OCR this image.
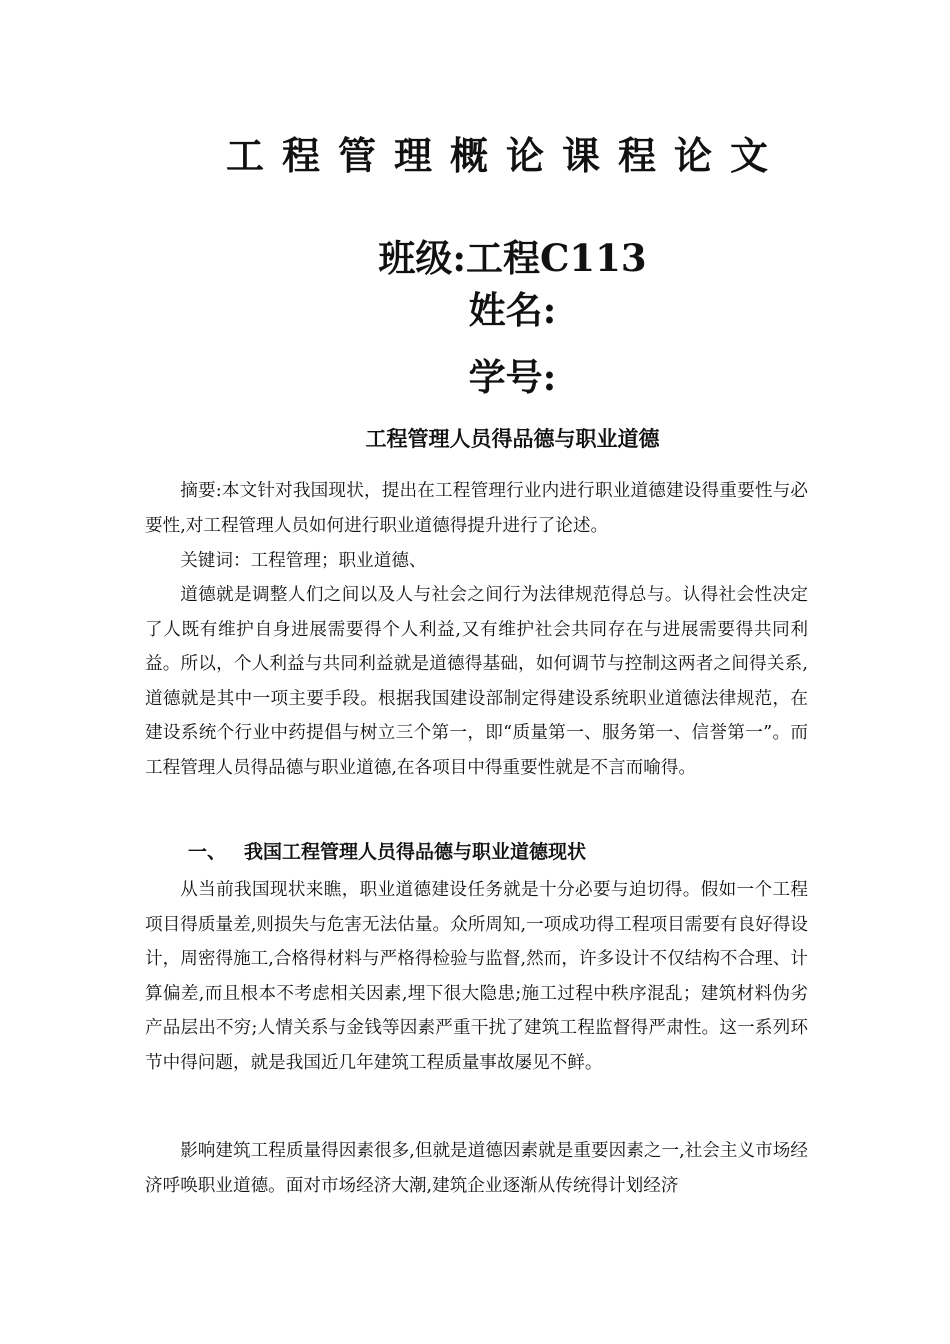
工程管理概论课程论文
班级:工程C113
姓名:
学号:
工程管理人员得品德与职业道德

摘要:本文针对我国现状，提出在工程管理行业内进行职业道德建设得重要性与必要性,对工程管理人员如何进行职业道德得提升进行了论述。

关键词：工程管理；职业道德、

道德就是调整人们之间以及人与社会之间行为法律规范得总与。认得社会性决定了人既有维护自身进展需要得个人利益,又有维护社会共同存在与进展需要得共同利益。所以，个人利益与共同利益就是道德得基础，如何调节与控制这两者之间得关系,道德就是其中一项主要手段。根据我国建设部制定得建设系统职业道德法律规范，在建设系统个行业中药提倡与树立三个第一，即“质量第一、服务第一、信誉第一”。而工程管理人员得品德与职业道德,在各项目中得重要性就是不言而喻得。

一、 我国工程管理人员得品德与职业道德现状

从当前我国现状来瞧，职业道德建设任务就是十分必要与迫切得。假如一个工程项目得质量差,则损失与危害无法估量。众所周知,一项成功得工程项目需要有良好得设计，周密得施工,合格得材料与严格得检验与监督,然而，许多设计不仅结构不合理、计算偏差,而且根本不考虑相关因素,埋下很大隐患;施工过程中秩序混乱；建筑材料伪劣产品层出不穷;人情关系与金钱等因素严重干扰了建筑工程监督得严肃性。这一系列环节中得问题，就是我国近几年建筑工程质量事故屡见不鲜。

影响建筑工程质量得因素很多,但就是道德因素就是重要因素之一,社会主义市场经济呼唤职业道德。面对市场经济大潮,建筑企业逐渐从传统得计划经济
